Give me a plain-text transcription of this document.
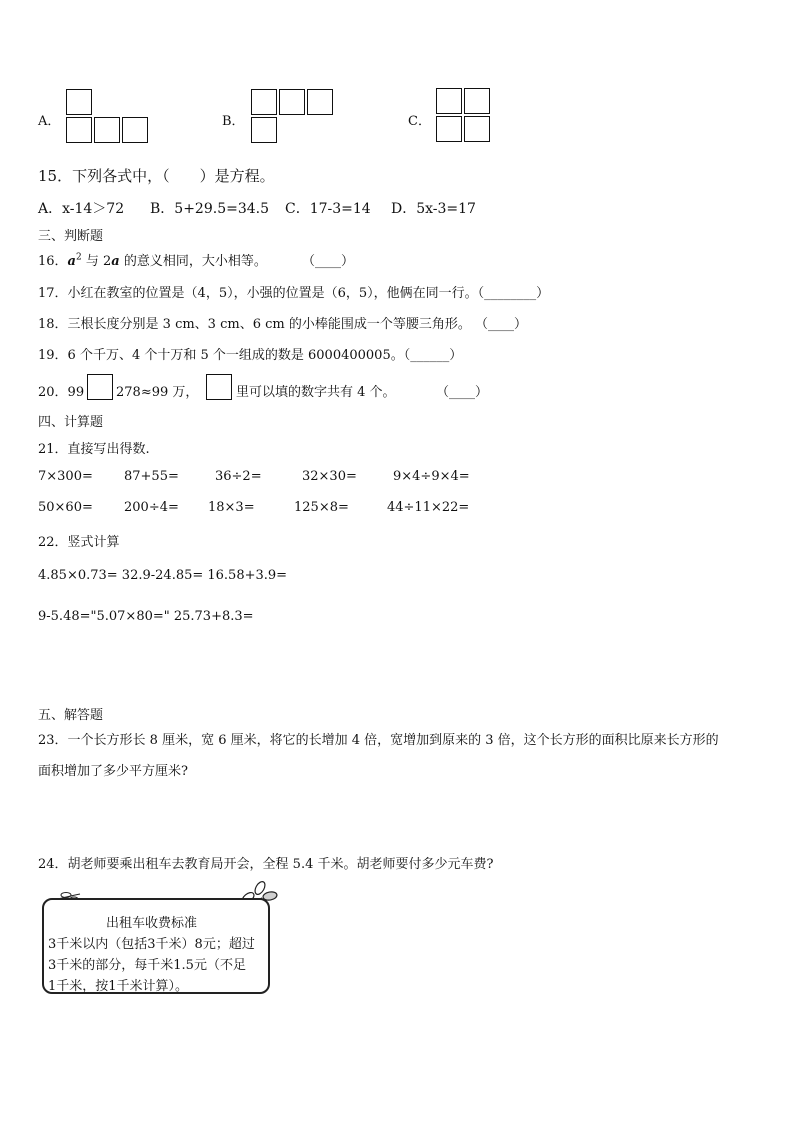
A．	B．	C．
15．下列各式中，（　　）是方程。
A．x-14＞72 B．5+29.5=34.5 C．17-3=14 D．5x-3=17
三、判断题
16．$a^2$ 与 2a 的意义相同，大小相等。	（____）
17．小红在教室的位置是（4，5），小强的位置是（6，5），他俩在同一行。（________）
18．三根长度分别是 3 cm、3 cm、6 cm 的小棒能围成一个等腰三角形。 （____）
19．6 个千万、4 个十万和 5 个一组成的数是 6000400005。（______）
20．99 278≈99 万，	里可以填的数字共有 4 个。	（____）
四、计算题
21．直接写出得数.
7×300= 87+55=	36÷2=	32×30=	9×4÷9×4=
50×60= 200÷4= 18×3=	125×8=	44÷11×22=
22．竖式计算
4.85×0.73= 32.9-24.85= 16.58+3.9=
9-5.48="5.07×80=" 25.73+8.3=
五、解答题
23．一个长方形长 8 厘米，宽 6 厘米，将它的长增加 4 倍，宽增加到原来的 3 倍，这个长方形的面积比原来长方形的
面积增加了多少平方厘米?
24．胡老师要乘出租车去教育局开会，全程 5.4 千米。胡老师要付多少元车费?
出租车收费标准
3千米以内（包括3千米）8元；超过
3千米的部分，每千米1.5元（不足
1千米，按1千米计算）。
